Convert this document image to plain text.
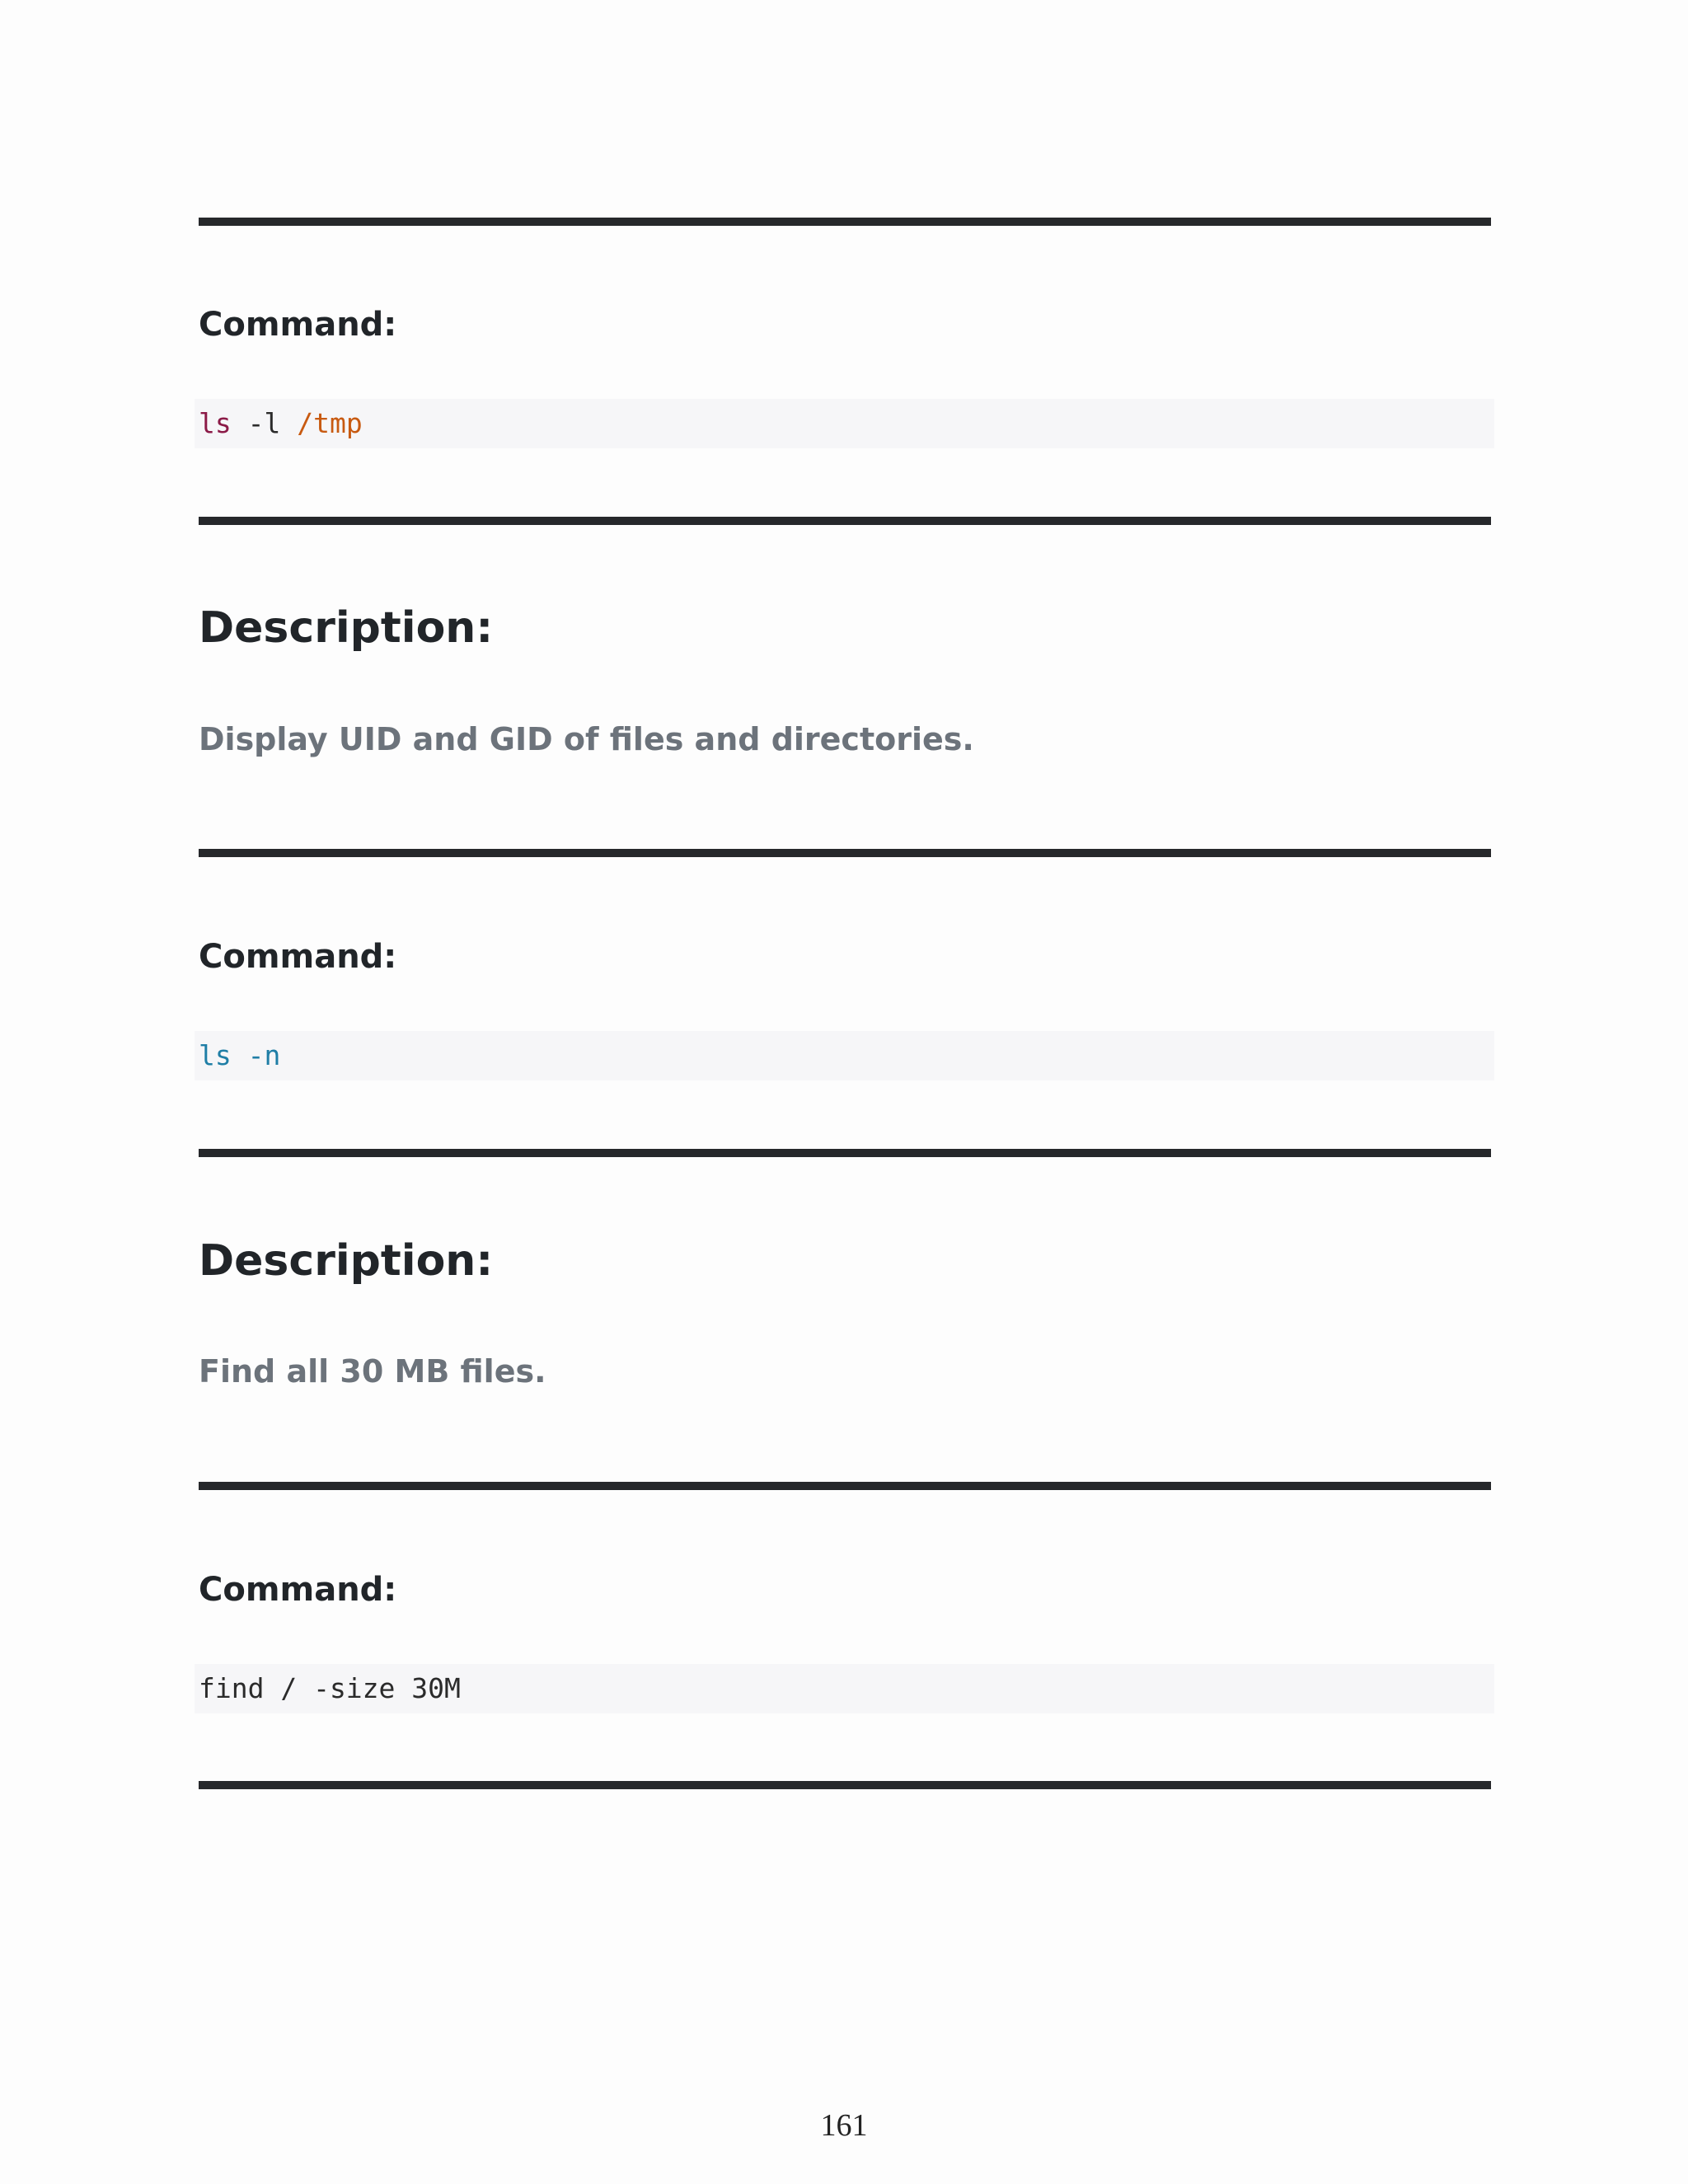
Command:
ls -l /tmp
Description:
Display UID and GID of files and directories.
Command:
ls -n
Description:
Find all 30 MB files.
Command:
find / -size 30M
161
